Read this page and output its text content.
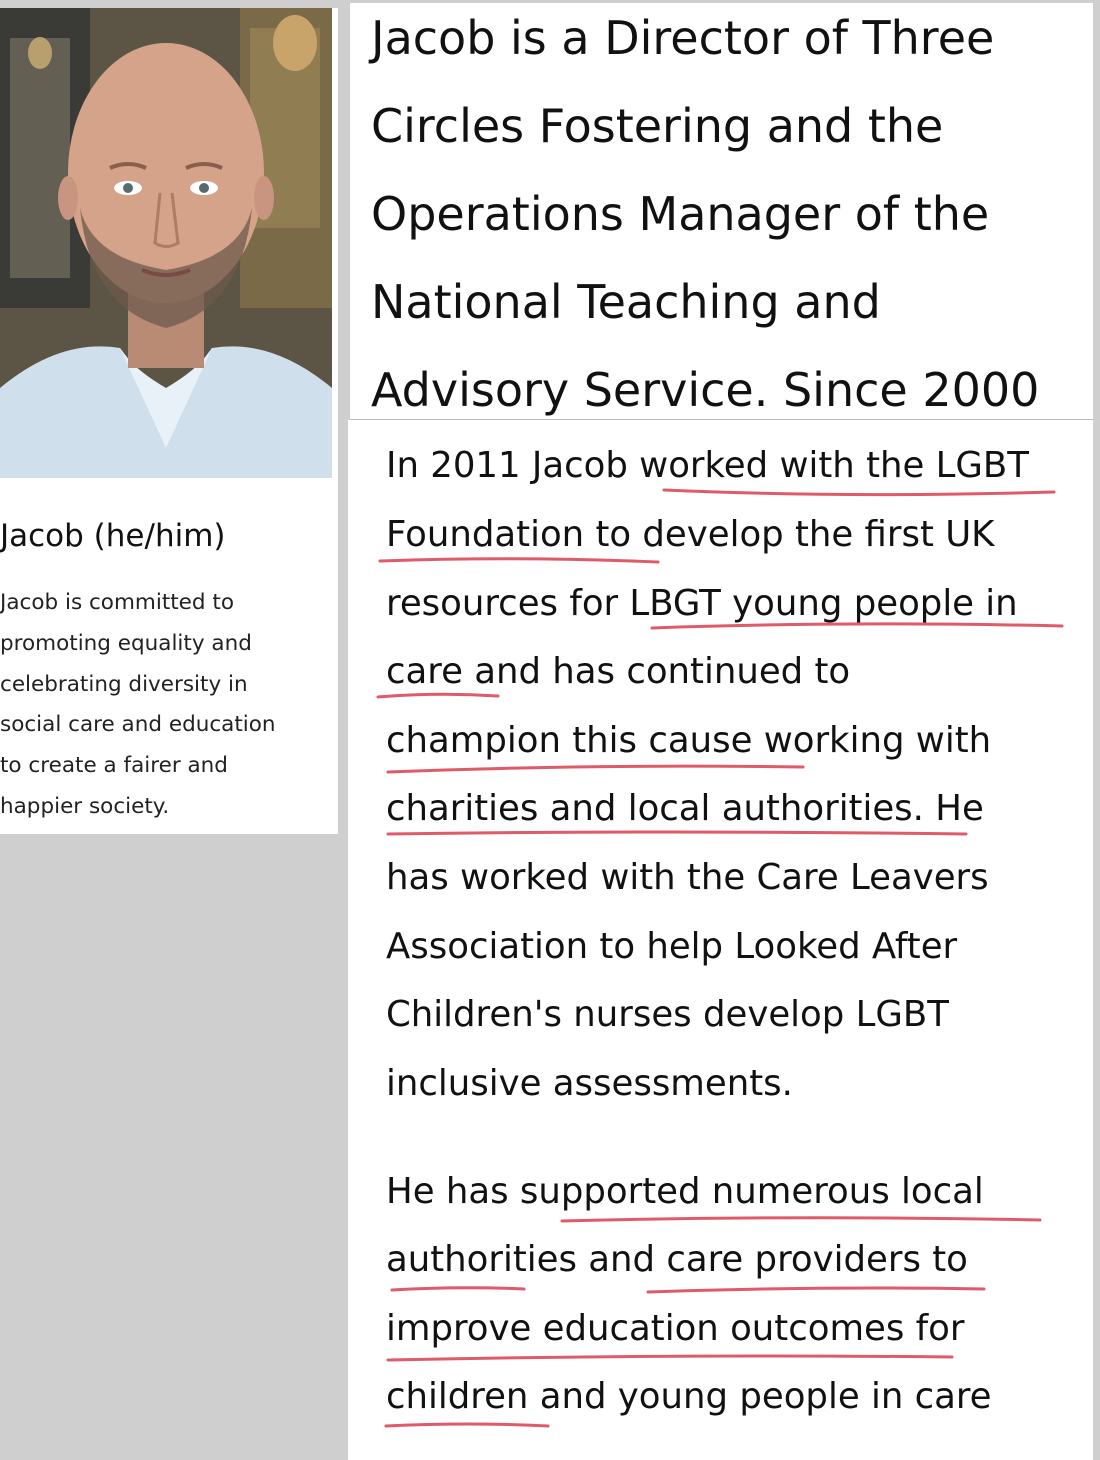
Jacob (he/him)
Jacob is committed to
promoting equality and
celebrating diversity in
social care and education
to create a fairer and
happier society.
Jacob is a Director of Three
Circles Fostering and the
Operations Manager of the
National Teaching and
Advisory Service. Since 2000
In 2011 Jacob worked with the LGBT
Foundation to develop the first UK
resources for LBGT young people in
care and has continued to
champion this cause working with
charities and local authorities. He
has worked with the Care Leavers
Association to help Looked After
Children's nurses develop LGBT
inclusive assessments.
He has supported numerous local
authorities and care providers to
improve education outcomes for
children and young people in care
